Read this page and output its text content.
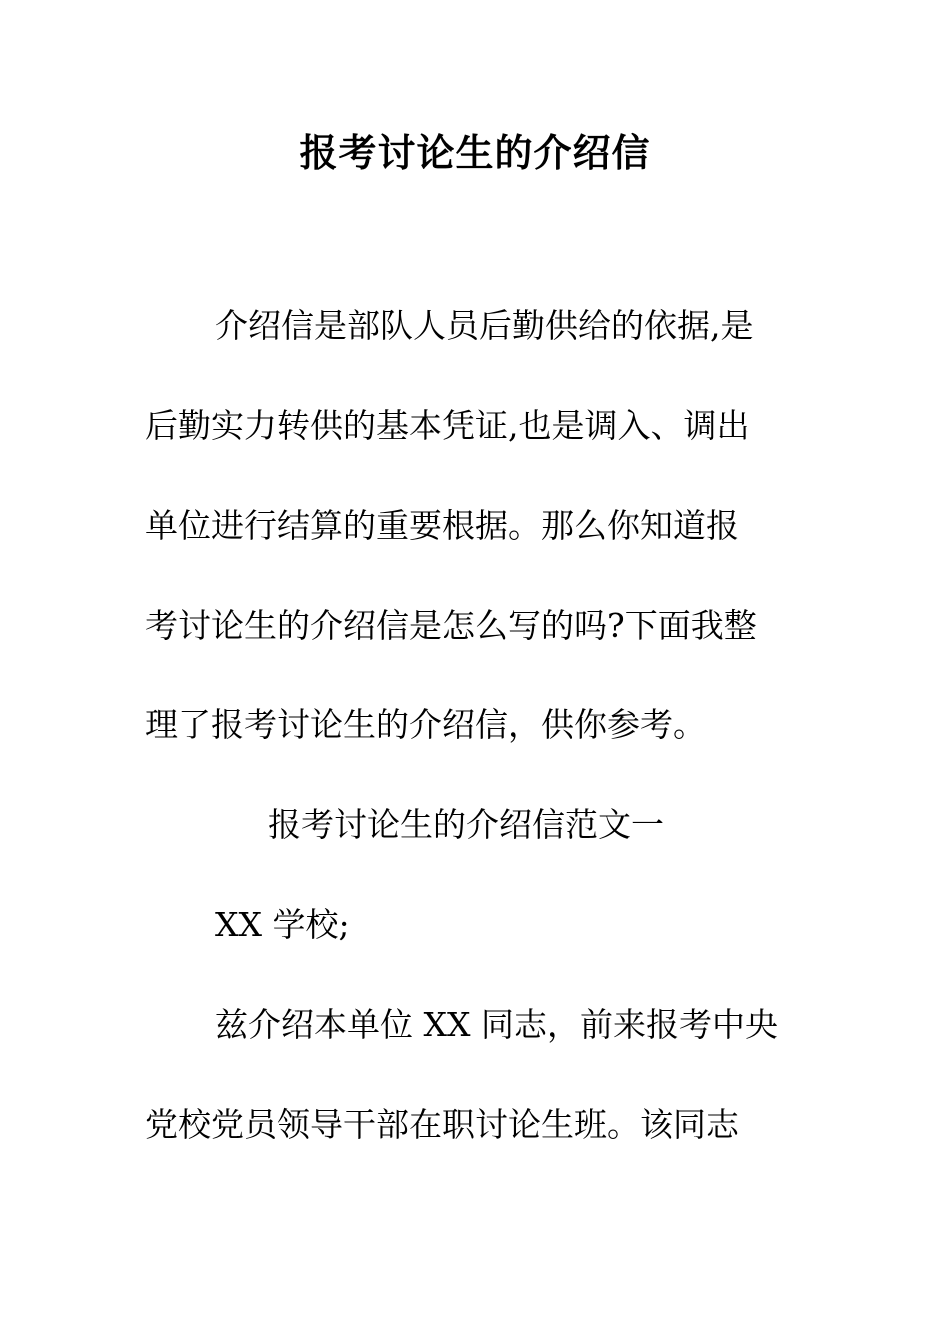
报考讨论生的介绍信
介绍信是部队人员后勤供给的依据,是
后勤实力转供的基本凭证,也是调入、调出
单位进行结算的重要根据。那么你知道报
考讨论生的介绍信是怎么写的吗?下面我整
理了报考讨论生的介绍信，供你参考。
报考讨论生的介绍信范文一
XX 学校;
兹介绍本单位 XX 同志，前来报考中央
党校党员领导干部在职讨论生班。该同志
